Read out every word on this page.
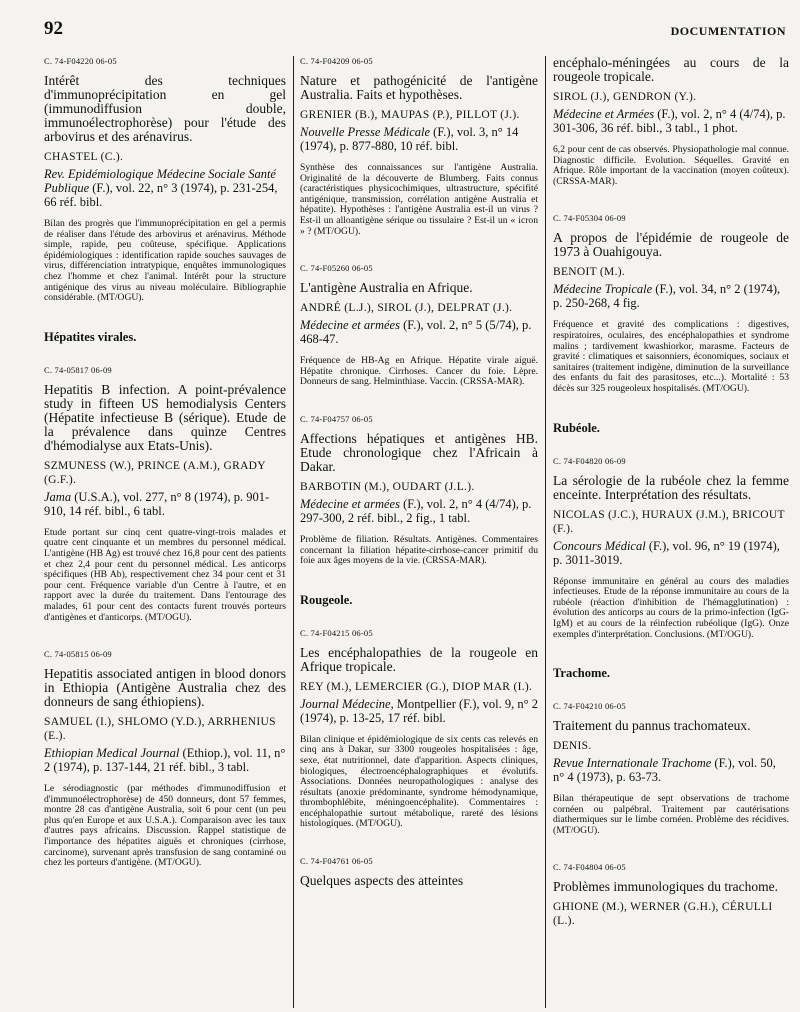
92	DOCUMENTATION
C. 74-F04220 06-05
Intérêt des techniques d'immunoprécipitation en gel (immunodiffusion double, immunoélectrophorèse) pour l'étude des arbovirus et des arénavirus.
CHASTEL (C.).
Rev. Epidémiologique Médecine Sociale Santé Publique (F.), vol. 22, n° 3 (1974), p. 231-254, 66 réf. bibl.
Bilan des progrès que l'immunoprécipitation en gel a permis de réaliser dans l'étude des arbovirus et arénavirus. Méthode simple, rapide, peu coûteuse, spécifique. Applications épidémiologiques : identification rapide souches sauvages de virus, différenciation intratypique, enquêtes immunologiques chez l'homme et chez l'animal. Intérêt pour la structure antigénique des virus au niveau moléculaire. Bibliographie considérable. (MT/OGU).
Hépatites virales.
C. 74-05817 06-09
Hepatitis B infection. A point-prévalence study in fifteen US hemodialysis Centers (Hépatite infectieuse B (sérique). Etude de la prévalence dans quinze Centres d'hémodialyse aux Etats-Unis).
SZMUNESS (W.), PRINCE (A.M.), GRADY (G.F.).
Jama (U.S.A.), vol. 277, n° 8 (1974), p. 901-910, 14 réf. bibl., 6 tabl.
Etude portant sur cinq cent quatre-vingt-trois malades et quatre cent cinquante et un membres du personnel médical. L'antigène (HB Ag) est trouvé chez 16,8 pour cent des patients et chez 2,4 pour cent du personnel médical. Les anticorps spécifiques (HB Ab), respectivement chez 34 pour cent et 31 pour cent. Fréquence variable d'un Centre à l'autre, et en rapport avec la durée du traitement. Dans l'entourage des malades, 61 pour cent des contacts furent trouvés porteurs d'antigènes et d'anticorps. (MT/OGU).
C. 74-05815 06-09
Hepatitis associated antigen in blood donors in Ethiopia (Antigène Australia chez des donneurs de sang éthiopiens).
SAMUEL (I.), SHLOMO (Y.D.), ARRHENIUS (E.).
Ethiopian Medical Journal (Ethiop.), vol. 11, n° 2 (1974), p. 137-144, 21 réf. bibl., 3 tabl.
Le sérodiagnostic (par méthodes d'immunodiffusion et d'immunoélectrophorèse) de 450 donneurs, dont 57 femmes, montre 28 cas d'antigène Australia, soit 6 pour cent (un peu plus qu'en Europe et aux U.S.A.). Comparaison avec les taux d'autres pays africains. Discussion. Rappel statistique de l'importance des hépatites aiguës et chroniques (cirrhose, carcinome), survenant après transfusion de sang contaminé ou chez les porteurs d'antigène. (MT/OGU).
C. 74-F04209 06-05
Nature et pathogénicité de l'antigène Australia. Faits et hypothèses.
GRENIER (B.), MAUPAS (P.), PILLOT (J.).
Nouvelle Presse Médicale (F.), vol. 3, n° 14 (1974), p. 877-880, 10 réf. bibl.
Synthèse des connaissances sur l'antigène Australia. Originalité de la découverte de Blumberg. Faits connus (caractéristiques physicochimiques, ultrastructure, spécifité antigénique, transmission, corrélation antigène Australia et hépatite). Hypothèses : l'antigène Australia est-il un virus ? Est-il un alloantigène sérique ou tissulaire ? Est-il un « icron » ? (MT/OGU).
C. 74-F05260 06-05
L'antigène Australia en Afrique.
ANDRÉ (L.J.), SIROL (J.), DELPRAT (J.).
Médecine et armées (F.), vol. 2, n° 5 (5/74), p. 468-47.
Fréquence de HB-Ag en Afrique. Hépatite virale aiguë. Hépatite chronique. Cirrhoses. Cancer du foie. Lèpre. Donneurs de sang. Helminthiase. Vaccin. (CRSSA-MAR).
C. 74-F04757 06-05
Affections hépatiques et antigènes HB. Etude chronologique chez l'Africain à Dakar.
BARBOTIN (M.), OUDART (J.L.).
Médecine et armées (F.), vol. 2, n° 4 (4/74), p. 297-300, 2 réf. bibl., 2 fig., 1 tabl.
Problème de filiation. Résultats. Antigènes. Commentaires concernant la filiation hépatite-cirrhose-cancer primitif du foie aux âges moyens de la vie. (CRSSA-MAR).
Rougeole.
C. 74-F04215 06-05
Les encéphalopathies de la rougeole en Afrique tropicale.
REY (M.), LEMERCIER (G.), DIOP MAR (I.).
Journal Médecine, Montpellier (F.), vol. 9, n° 2 (1974), p. 13-25, 17 réf. bibl.
Bilan clinique et épidémiologique de six cents cas relevés en cinq ans à Dakar, sur 3300 rougeoles hospitalisées : âge, sexe, état nutritionnel, date d'apparition. Aspects cliniques, biologiques, électroencéphalographiques et évolutifs. Associations. Données neuropathologiques : analyse des résultats (anoxie prédominante, syndrome hémodynamique, thrombophlébite, méningoencéphalite). Commentaires : encéphalopathie surtout métabolique, rareté des lésions histologiques. (MT/OGU).
C. 74-F04761 06-05
Quelques aspects des atteintes
encéphalo-méningées au cours de la rougeole tropicale.
SIROL (J.), GENDRON (Y.).
Médecine et Armées (F.), vol. 2, n° 4 (4/74), p. 301-306, 36 réf. bibl., 3 tabl., 1 phot.
6,2 pour cent de cas observés. Physiopathologie mal connue. Diagnostic difficile. Evolution. Séquelles. Gravité en Afrique. Rôle important de la vaccination (moyen coûteux). (CRSSA-MAR).
C. 74-F05304 06-09
A propos de l'épidémie de rougeole de 1973 à Ouahigouya.
BENOIT (M.).
Médecine Tropicale (F.), vol. 34, n° 2 (1974), p. 250-268, 4 fig.
Fréquence et gravité des complications : digestives, respiratoires, oculaires, des encéphalopathies et syndrome malins ; tardivement kwashiorkor, marasme. Facteurs de gravité : climatiques et saisonniers, économiques, sociaux et sanitaires (traitement indigène, diminution de la surveillance des enfants du fait des parasitoses, etc...). Mortalité : 53 décès sur 325 rougeoleux hospitalisés. (MT/OGU).
Rubéole.
C. 74-F04820 06-09
La sérologie de la rubéole chez la femme enceinte. Interprétation des résultats.
NICOLAS (J.C.), HURAUX (J.M.), BRICOUT (F.).
Concours Médical (F.), vol. 96, n° 19 (1974), p. 3011-3019.
Réponse immunitaire en général au cours des maladies infectieuses. Etude de la réponse immunitaire au cours de la rubéole (réaction d'inhibition de l'hémagglutination) : évolution des anticorps au cours de la primo-infection (IgG-IgM) et au cours de la réinfection rubéolique (IgG). Onze exemples d'interprétation. Conclusions. (MT/OGU).
Trachome.
C. 74-F04210 06-05
Traitement du pannus trachomateux.
DENIS.
Revue Internationale Trachome (F.), vol. 50, n° 4 (1973), p. 63-73.
Bilan thérapeutique de sept observations de trachome cornéen ou palpébral. Traitement par cautérisations diathermiques sur le limbe cornéen. Problème des récidives. (MT/OGU).
C. 74-F04804 06-05
Problèmes immunologiques du trachome.
GHIONE (M.), WERNER (G.H.), CÉRULLI (L.).
